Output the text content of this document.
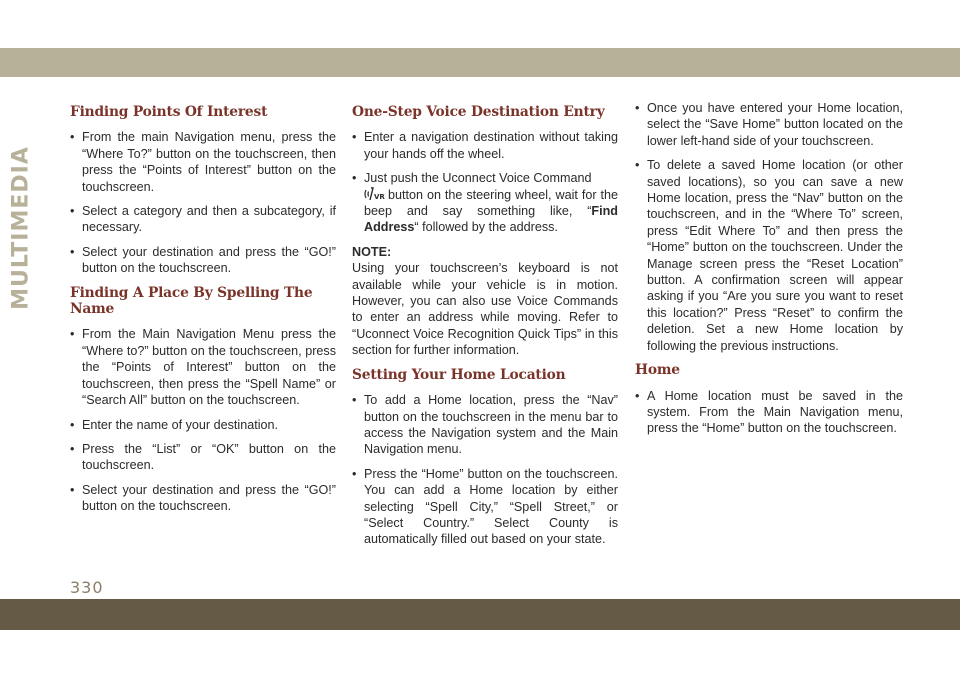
MULTIMEDIA
Finding Points Of Interest
• From the main Navigation menu, press the “Where To?” button on the touchscreen, then press the “Points of Interest” button on the touchscreen.
• Select a category and then a subcategory, if necessary.
• Select your destination and press the “GO!” button on the touchscreen.
Finding A Place By Spelling The Name
• From the Main Navigation Menu press the “Where to?” button on the touchscreen, press the “Points of Interest” button on the touchscreen, then press the “Spell Name” or “Search All” button on the touchscreen.
• Enter the name of your destination.
• Press the “List” or “OK” button on the touchscreen.
• Select your destination and press the “GO!” button on the touchscreen.
One-Step Voice Destination Entry
• Enter a navigation destination without taking your hands off the wheel.
• Just push the Uconnect Voice Command

VR button on the steering wheel, wait for the beep and say something like, “Find Address“ followed by the address.
NOTE:

Using your touchscreen’s keyboard is not available while your vehicle is in motion. However, you can also use Voice Commands to enter an address while moving. Refer to “Uconnect Voice Recognition Quick Tips” in this section for further information.

Setting Your Home Location
• To add a Home location, press the “Nav” button on the touchscreen in the menu bar to access the Navigation system and the Main Navigation menu.
• Press the “Home” button on the touchscreen. You can add a Home location by either selecting “Spell City,” “Spell Street,” or “Select Country.” Select County is automatically filled out based on your state.
• Once you have entered your Home location, select the “Save Home” button located on the lower left-hand side of your touchscreen.
• To delete a saved Home location (or other saved locations), so you can save a new Home location, press the “Nav” button on the touchscreen, and in the “Where To” screen, press “Edit Where To” and then press the “Home” button on the touchscreen. Under the Manage screen press the “Reset Location” button. A confirmation screen will appear asking if you “Are you sure you want to reset this location?” Press “Reset” to confirm the deletion. Set a new Home location by following the previous instructions.
Home
• A Home location must be saved in the system. From the Main Navigation menu, press the “Home” button on the touchscreen.
330
